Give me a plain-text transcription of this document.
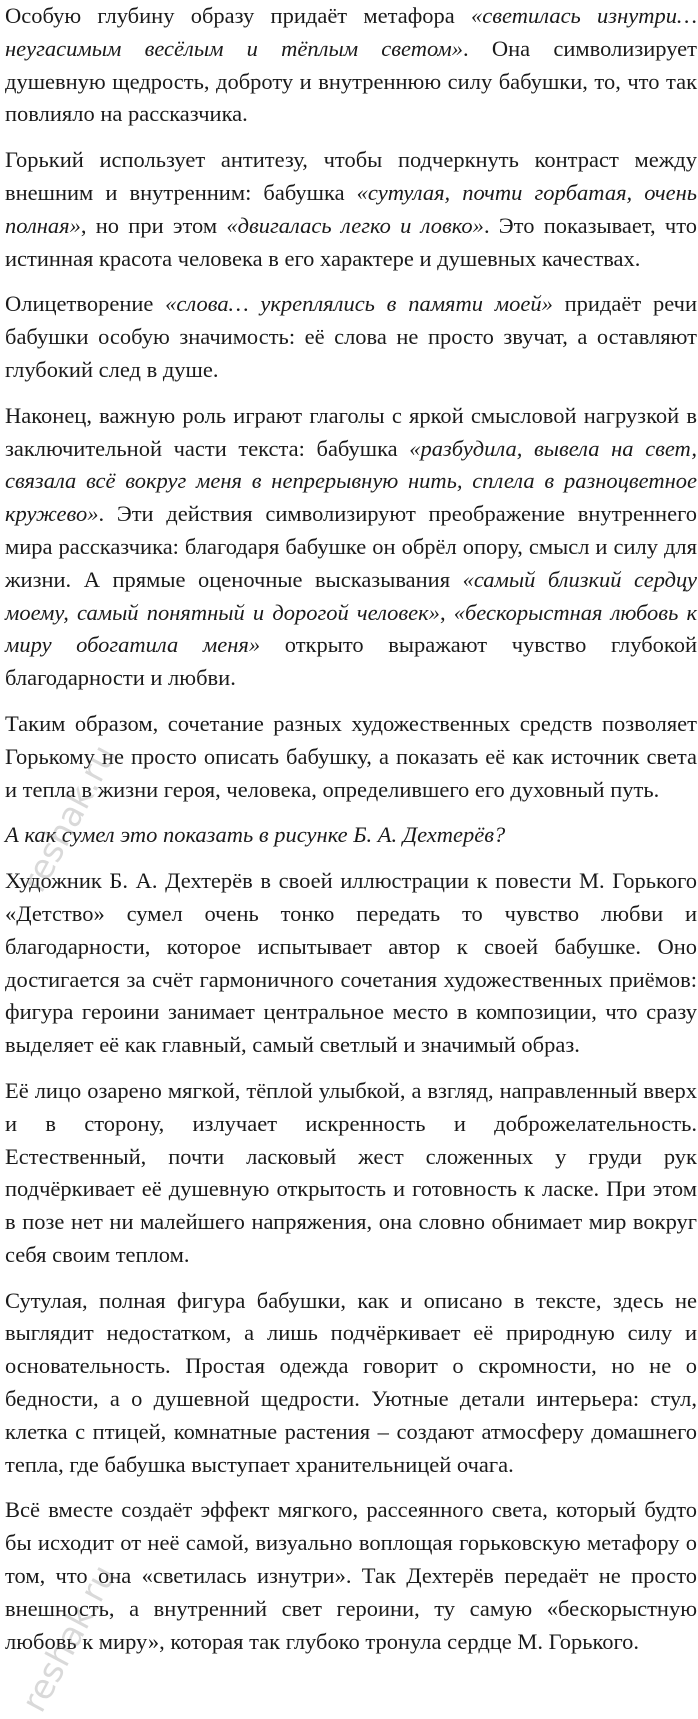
Особую глубину образу придаёт метафора «светилась изнутри… неугасимым весёлым и тёплым светом». Она символизирует душевную щедрость, доброту и внутреннюю силу бабушки, то, что так повлияло на рассказчика.

Горький использует антитезу, чтобы подчеркнуть контраст между внешним и внутренним: бабушка «сутулая, почти горбатая, очень полная», но при этом «двигалась легко и ловко». Это показывает, что истинная красота человека в его характере и душевных качествах.

Олицетворение «слова… укреплялись в памяти моей» придаёт речи бабушки особую значимость: её слова не просто звучат, а оставляют глубокий след в душе.

Наконец, важную роль играют глаголы с яркой смысловой нагрузкой в заключительной части текста: бабушка «разбудила, вывела на свет, связала всё вокруг меня в непрерывную нить, сплела в разноцветное кружево». Эти действия символизируют преображение внутреннего мира рассказчика: благодаря бабушке он обрёл опору, смысл и силу для жизни. А прямые оценочные высказывания «самый близкий сердцу моему, самый понятный и дорогой человек», «бескорыстная любовь к миру обогатила меня» открыто выражают чувство глубокой благодарности и любви.

Таким образом, сочетание разных художественных средств позволяет Горькому не просто описать бабушку, а показать её как источник света и тепла в жизни героя, человека, определившего его духовный путь.

А как сумел это показать в рисунке Б. А. Дехтерёв?

Художник Б. А. Дехтерёв в своей иллюстрации к повести М. Горького «Детство» сумел очень тонко передать то чувство любви и благодарности, которое испытывает автор к своей бабушке. Оно достигается за счёт гармоничного сочетания художественных приёмов: фигура героини занимает центральное место в композиции, что сразу выделяет её как главный, самый светлый и значимый образ.

Её лицо озарено мягкой, тёплой улыбкой, а взгляд, направленный вверх и в сторону, излучает искренность и доброжелательность. Естественный, почти ласковый жест сложенных у груди рук подчёркивает её душевную открытость и готовность к ласке. При этом в позе нет ни малейшего напряжения, она словно обнимает мир вокруг себя своим теплом.

Сутулая, полная фигура бабушки, как и описано в тексте, здесь не выглядит недостатком, а лишь подчёркивает её природную силу и основательность. Простая одежда говорит о скромности, но не о бедности, а о душевной щедрости. Уютные детали интерьера: стул, клетка с птицей, комнатные растения – создают атмосферу домашнего тепла, где бабушка выступает хранительницей очага.

Всё вместе создаёт эффект мягкого, рассеянного света, который будто бы исходит от неё самой, визуально воплощая горьковскую метафору о том, что она «светилась изнутри». Так Дехтерёв передаёт не просто внешность, а внутренний свет героини, ту самую «бескорыстную любовь к миру», которая так глубоко тронула сердце М. Горького.

reshak.ru
reshak.ru
